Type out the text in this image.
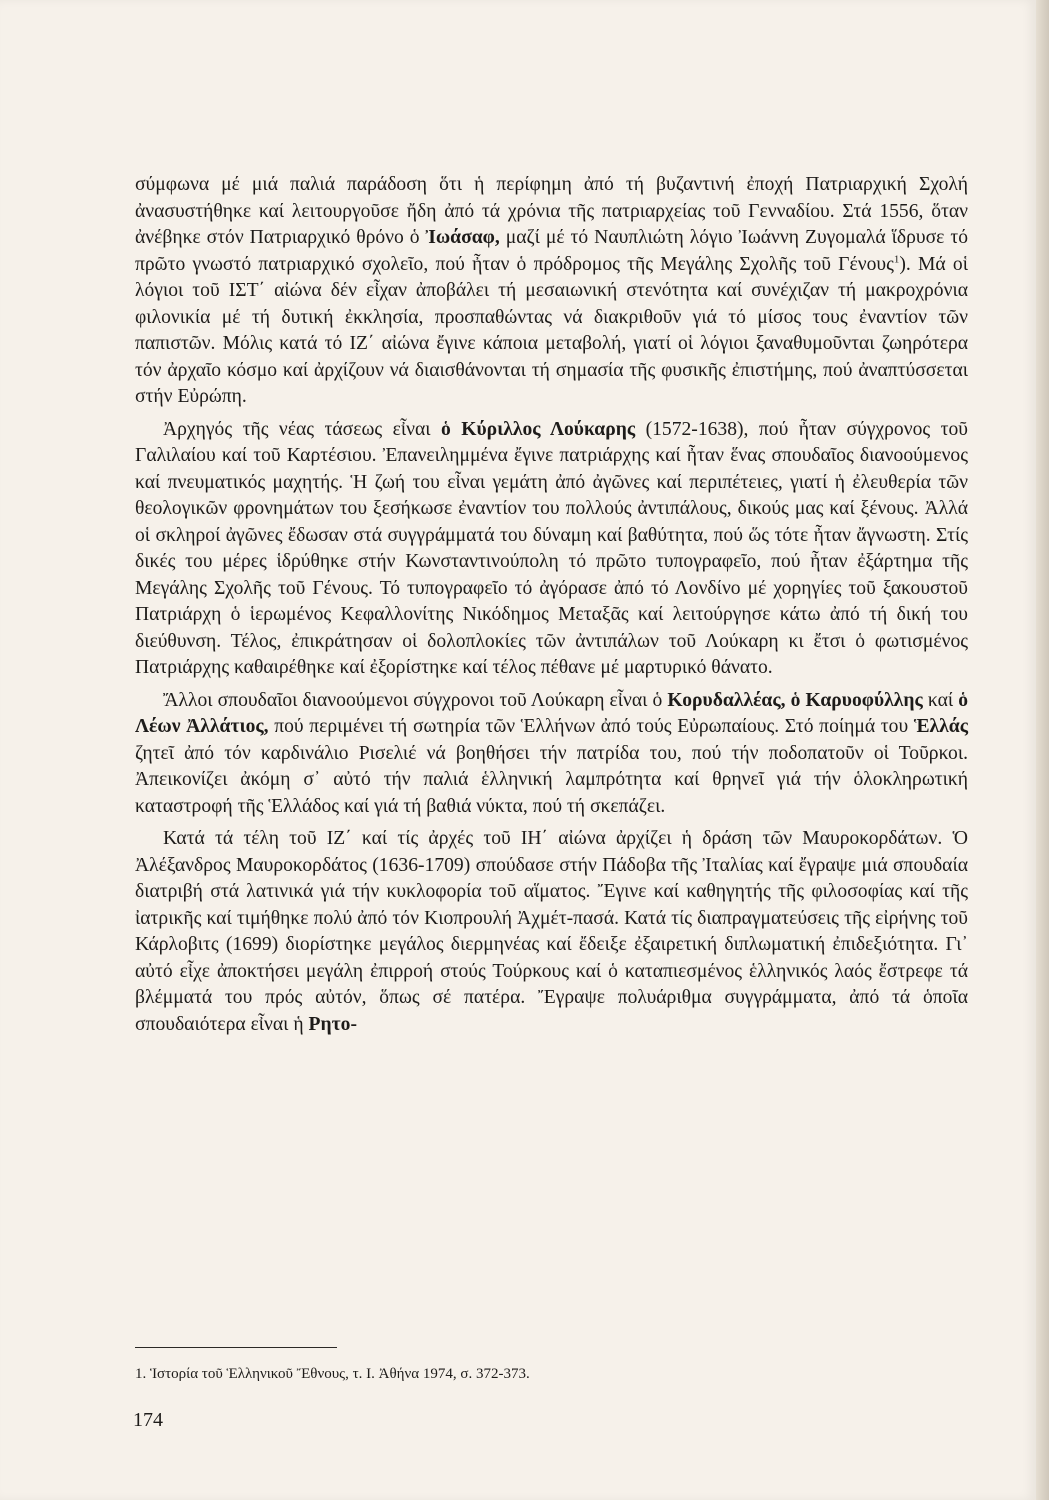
σύμφωνα μέ μιά παλιά παράδοση ὅτι ἡ περίφημη ἀπό τή βυζαντινή ἐποχή Πατριαρχική Σχολή ἀνασυστήθηκε καί λειτουργοῦσε ἤδη ἀπό τά χρόνια τῆς πατριαρχείας τοῦ Γενναδίου. Στά 1556, ὅταν ἀνέβηκε στόν Πατριαρχικό θρόνο ὁ Ἰωάσαφ, μαζί μέ τό Ναυπλιώτη λόγιο Ἰωάννη Ζυγομαλά ἵδρυσε τό πρῶτο γνωστό πατριαρχικό σχολεῖο, πού ἦταν ὁ πρόδρομος τῆς Μεγάλης Σχολῆς τοῦ Γένους$^1$). Μά οἱ λόγιοι τοῦ ΙΣΤ΄ αἰώνα δέν εἶχαν ἀποβάλει τή μεσαιωνική στενότητα καί συνέχιζαν τή μακροχρόνια φιλονικία μέ τή δυτική ἐκκλησία, προσπαθώντας νά διακριθοῦν γιά τό μίσος τους ἐναντίον τῶν παπιστῶν. Μόλις κατά τό ΙΖ΄ αἰώνα ἔγινε κάποια μεταβολή, γιατί οἱ λόγιοι ξαναθυμοῦνται ζωηρότερα τόν ἀρχαῖο κόσμο καί ἀρχίζουν νά διαισθάνονται τή σημασία τῆς φυσικῆς ἐπιστήμης, πού ἀναπτύσσεται στήν Εὐρώπη.

Ἀρχηγός τῆς νέας τάσεως εἶναι ὁ Κύριλλος Λούκαρης (1572-1638), πού ἦταν σύγχρονος τοῦ Γαλιλαίου καί τοῦ Καρτέσιου. Ἐπανειλημμένα ἔγινε πατριάρχης καί ἦταν ἕνας σπουδαῖος διανοούμενος καί πνευματικός μαχητής. Ἡ ζωή του εἶναι γεμάτη ἀπό ἀγῶνες καί περιπέτειες, γιατί ἡ ἐλευθερία τῶν θεολογικῶν φρονημάτων του ξεσήκωσε ἐναντίον του πολλούς ἀντιπάλους, δικούς μας καί ξένους. Ἀλλά οἱ σκληροί ἀγῶνες ἔδωσαν στά συγγράμματά του δύναμη καί βαθύτητα, πού ὥς τότε ἦταν ἄγνωστη. Στίς δικές του μέρες ἱδρύθηκε στήν Κωνσταντινούπολη τό πρῶτο τυπογραφεῖο, πού ἦταν ἐξάρτημα τῆς Μεγάλης Σχολῆς τοῦ Γένους. Τό τυπογραφεῖο τό ἀγόρασε ἀπό τό Λονδίνο μέ χορηγίες τοῦ ξακουστοῦ Πατριάρχη ὁ ἱερωμένος Κεφαλλονίτης Νικόδημος Μεταξᾶς καί λειτούργησε κάτω ἀπό τή δική του διεύθυνση. Τέλος, ἐπικράτησαν οἱ δολοπλοκίες τῶν ἀντιπάλων τοῦ Λούκαρη κι ἔτσι ὁ φωτισμένος Πατριάρχης καθαιρέθηκε καί ἐξορίστηκε καί τέλος πέθανε μέ μαρτυρικό θάνατο.

Ἄλλοι σπουδαῖοι διανοούμενοι σύγχρονοι τοῦ Λούκαρη εἶναι ὁ Κορυδαλλέας, ὁ Καρυοφύλλης καί ὁ Λέων Ἀλλάτιος, πού περιμένει τή σωτηρία τῶν Ἑλλήνων ἀπό τούς Εὐρωπαίους. Στό ποίημά του Ἑλλάς ζητεῖ ἀπό τόν καρδινάλιο Ρισελιέ νά βοηθήσει τήν πατρίδα του, πού τήν ποδοπατοῦν οἱ Τοῦρκοι. Ἀπεικονίζει ἀκόμη σ᾿ αὐτό τήν παλιά ἑλληνική λαμπρότητα καί θρηνεῖ γιά τήν ὁλοκληρωτική καταστροφή τῆς Ἑλλάδος καί γιά τή βαθιά νύκτα, πού τή σκεπάζει.

Κατά τά τέλη τοῦ ΙΖ΄ καί τίς ἀρχές τοῦ ΙΗ΄ αἰώνα ἀρχίζει ἡ δράση τῶν Μαυροκορδάτων. Ὁ Ἀλέξανδρος Μαυροκορδάτος (1636-1709) σπούδασε στήν Πάδοβα τῆς Ἰταλίας καί ἔγραψε μιά σπουδαία διατριβή στά λατινικά γιά τήν κυκλοφορία τοῦ αἵματος. Ἔγινε καί καθηγητής τῆς φιλοσοφίας καί τῆς ἰατρικῆς καί τιμήθηκε πολύ ἀπό τόν Κιοπρουλή Ἀχμέτ-πασά. Κατά τίς διαπραγματεύσεις τῆς εἰρήνης τοῦ Κάρλοβιτς (1699) διορίστηκε μεγάλος διερμηνέας καί ἔδειξε ἐξαιρετική διπλωματική ἐπιδεξιότητα. Γι᾿ αὐτό εἶχε ἀποκτήσει μεγάλη ἐπιρροή στούς Τούρκους καί ὁ καταπιεσμένος ἑλληνικός λαός ἔστρεφε τά βλέμματά του πρός αὐτόν, ὅπως σέ πατέρα. Ἔγραψε πολυάριθμα συγγράμματα, ἀπό τά ὁποῖα σπουδαιότερα εἶναι ἡ Ρητο-

1. Ἱστορία τοῦ Ἑλληνικοῦ Ἔθνους, τ. Ι. Ἀθήνα 1974, σ. 372-373.
174
